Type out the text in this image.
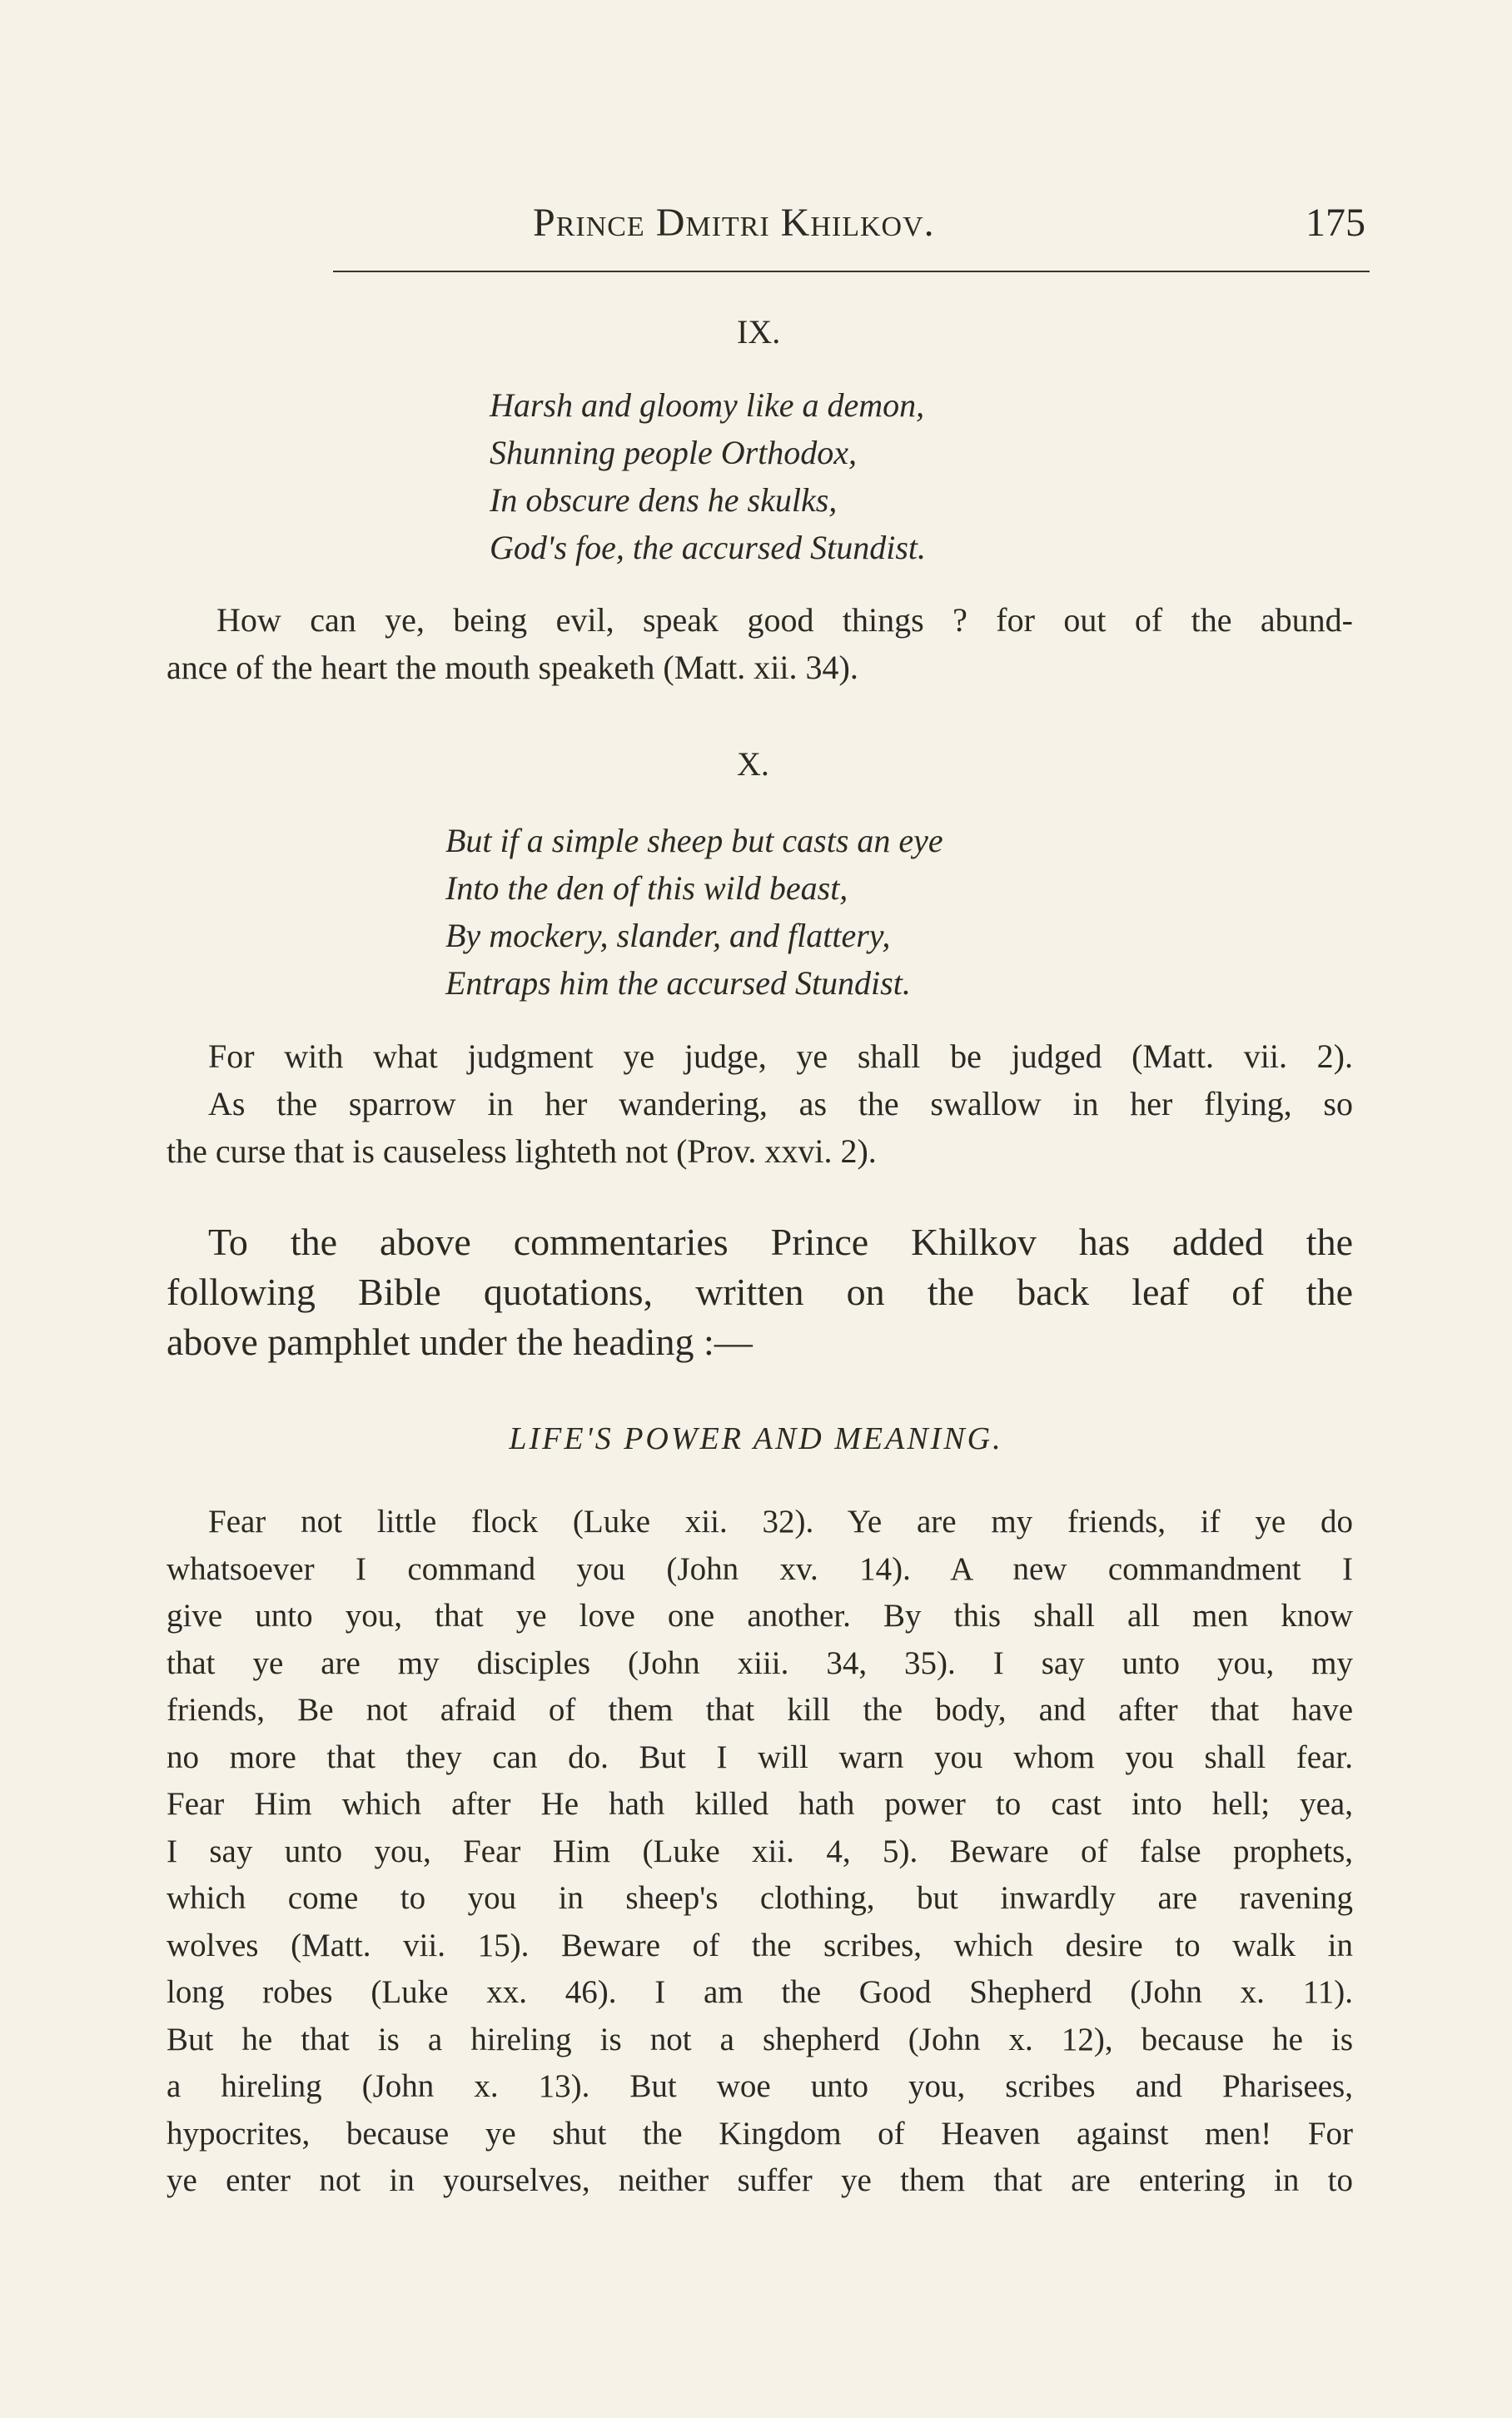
Prince Dmitri Khilkov.	175
IX.
Harsh and gloomy like a demon,
Shunning people Orthodox,
In obscure dens he skulks,
God's foe, the accursed Stundist.
How can ye, being evil, speak good things ? for out of the abund-
ance of the heart the mouth speaketh (Matt. xii. 34).
X.
But if a simple sheep but casts an eye
Into the den of this wild beast,
By mockery, slander, and flattery,
Entraps him the accursed Stundist.
For with what judgment ye judge, ye shall be judged (Matt. vii. 2).
As the sparrow in her wandering, as the swallow in her flying, so
the curse that is causeless lighteth not (Prov. xxvi. 2).
To the above commentaries Prince Khilkov has added the
following Bible quotations, written on the back leaf of the
above pamphlet under the heading :—
LIFE'S POWER AND MEANING.
Fear not little flock (Luke xii. 32). Ye are my friends, if ye do
whatsoever I command you (John xv. 14). A new commandment I
give unto you, that ye love one another. By this shall all men know
that ye are my disciples (John xiii. 34, 35). I say unto you, my
friends, Be not afraid of them that kill the body, and after that have
no more that they can do. But I will warn you whom you shall fear.
Fear Him which after He hath killed hath power to cast into hell; yea,
I say unto you, Fear Him (Luke xii. 4, 5). Beware of false prophets,
which come to you in sheep's clothing, but inwardly are ravening
wolves (Matt. vii. 15). Beware of the scribes, which desire to walk in
long robes (Luke xx. 46). I am the Good Shepherd (John x. 11).
But he that is a hireling is not a shepherd (John x. 12), because he is
a hireling (John x. 13). But woe unto you, scribes and Pharisees,
hypocrites, because ye shut the Kingdom of Heaven against men! For
ye enter not in yourselves, neither suffer ye them that are entering in to
